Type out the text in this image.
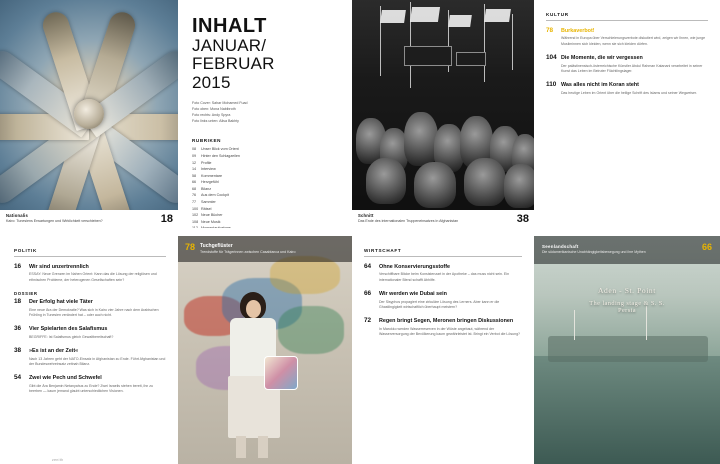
Nationalis

Kairo: Tunesiens Erwartungen und Wirklichkeit verschieben?	18
INHALT

JANUAR/

FEBRUAR

2015

Foto Cover: Sahar Mohamed Fuad
Foto oben: Mona Nabibroth
Foto rechts: Andy Spyra
Foto links unten: Alisa Bakhty
RUBRIKEN
08 Unser Blick vom Orient
09 Hinter den Schlagzeilen
12 Profile
14 Interview
58 Kommentare
66 Herzgefühl
68 Bilanz
76 Aus dem Cockpit
77 Sammler
100 Rätsel
102 Neue Bücher
108 Neue Musik

Schnitt

Das Ende des internationalen Truppeneinsatzes in Afghanistan	38
KULTUR
78	Burkaverbot!
Während in Europa über Verschleierungsverbote diskutiert wird, zeigen wir Ihnen, wie junge Musliminnen sich kleiden, wenn sie sich kleiden dürfen.
104 Die Momente, die wir vergessen
Der palästinensisch-österreichische Künstler Abdul Rahman Katanani verarbeitet in seiner Kunst das Leben im Beiruter Flüchtlingslager.
110 Was alles nicht im Koran steht
Das heutige Leben im Orient über die heilige Schrift des Islams und seiner Wegweiser.
POLITIK
16	Wir sind unzertrennlich
ESSAY: Neue Grenzen im Nahen Orient: Kann das die Lösung der religiösen und ethnischen Probleme, der heterogenen Gesellschaften sein?
DOSSIER
18	Der Erfolg hat viele Täter
Eine neue Ära der Demokratie? Was sich in Kairo vier Jahre nach dem Arabischen Frühling in Tunesien verändert hat – oder auch nicht.
36	Vier Spielarten des Salafismus
BEGRIFFE: Ist Salafismus gleich Gewaltbereitschaft?
38	»Es ist an der Zeit«
Nach 13 Jahren geht der NATO-Einsatz in Afghanistan zu Ende. Führt Afghanistan und der Bundeswehreinsatz zeitnah Bilanz.
54	Zwei wie Pech und Schwefel
Gibt die Ära Benjamin Netanyahus zu Ende? Zwei Israelis stehen bereit, ihn zu beerben — kaum jemand glaubt unterschiedlichen Visionen.
78 Tuchgeflüster
Trendstoffe für Trägerinnen zwischen Casablanca und Kairo	WIRTSCHAFT
64	Ohne Konservierungsstoffe
Verschiffbare Blicke beim Konsistenzart in der Apotheke – das muss nicht sein. Ein internationaler Blend schafft Abhilfe.
66	Wir werden wie Dubai sein
Der Sisyphos propagiert eine zirkuläre Lösung des Lerners. Aber kann er die Ghastlingigkeit wirtschaftlich überhaupt meistern?
72	Regen bringt Segen, Meronen bringen Diskussionen
In Marokko werden Wasserreserven in der Wüste angebaut, während der Wasserversorgung der Bevölkerung kaum gewährleistet ist. Bringt ein Verbot die Lösung?
66
Seenlandschaft
Die südamerikanische Unabhängigkeitsbewegung und ihre Mythen
Aden - St. Point
The landing stage & S. S. Persia
zenith
